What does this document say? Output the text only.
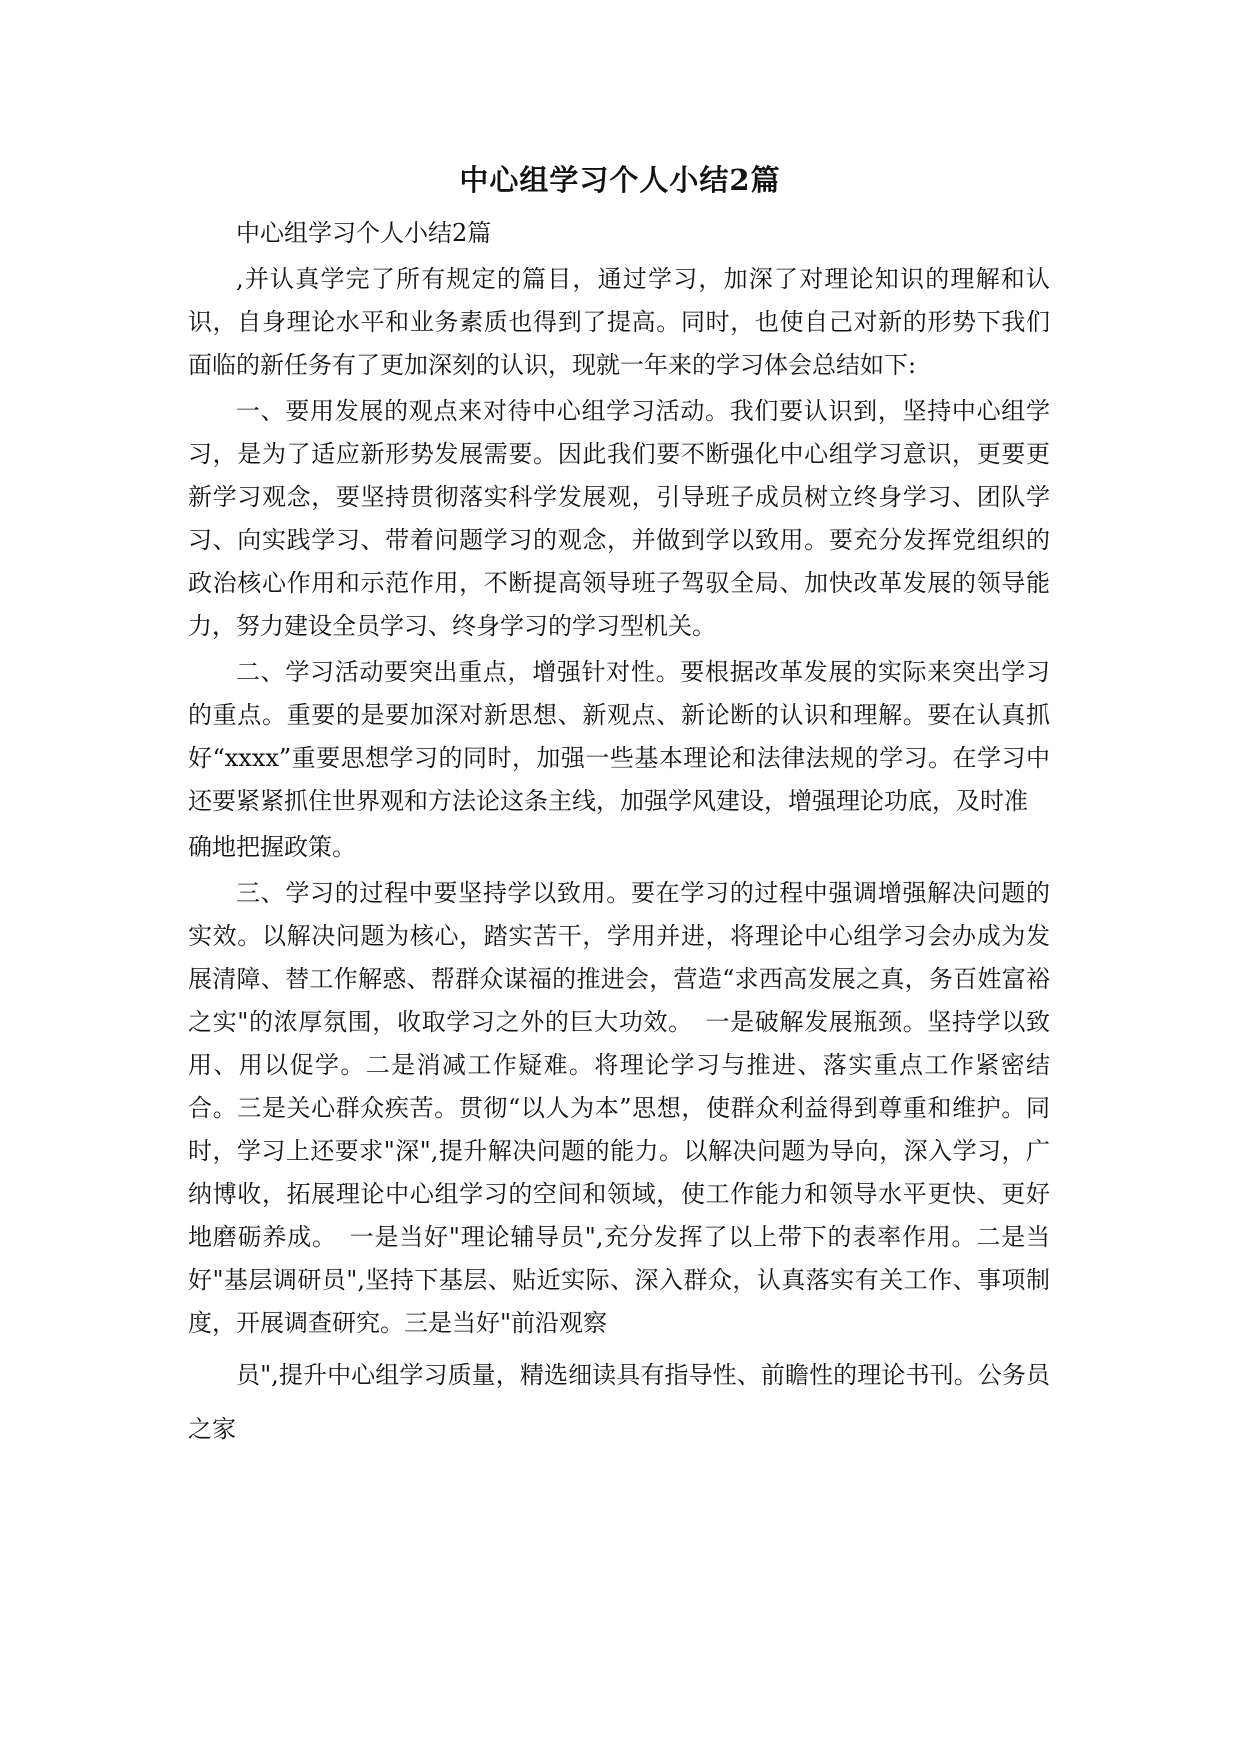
中心组学习个人小结2篇

中心组学习个人小结2篇

,并认真学完了所有规定的篇目，通过学习，加深了对理论知识的理解和认识，自身理论水平和业务素质也得到了提高。同时，也使自己对新的形势下我们面临的新任务有了更加深刻的认识，现就一年来的学习体会总结如下:

一、要用发展的观点来对待中心组学习活动。我们要认识到，坚持中心组学习，是为了适应新形势发展需要。因此我们要不断强化中心组学习意识，更要更新学习观念，要坚持贯彻落实科学发展观，引导班子成员树立终身学习、团队学习、向实践学习、带着问题学习的观念，并做到学以致用。要充分发挥党组织的政治核心作用和示范作用，不断提高领导班子驾驭全局、加快改革发展的领导能力，努力建设全员学习、终身学习的学习型机关。

二、学习活动要突出重点，增强针对性。要根据改革发展的实际来突出学习的重点。重要的是要加深对新思想、新观点、新论断的认识和理解。要在认真抓好“xxxx”重要思想学习的同时，加强一些基本理论和法律法规的学习。在学习中 还要紧紧抓住世界观和方法论这条主线，加强学风建设，增强理论功底，及时准

确地把握政策。

三、学习的过程中要坚持学以致用。要在学习的过程中强调增强解决问题的实效。以解决问题为核心，踏实苦干，学用并进，将理论中心组学习会办成为发展清障、替工作解惑、帮群众谋福的推进会，营造“求西高发展之真，务百姓富裕之实"的浓厚氛围，收取学习之外的巨大功效。　一是破解发展瓶颈。坚持学以致用、用以促学。二是消减工作疑难。将理论学习与推进、落实重点工作紧密结合。三是关心群众疾苦。贯彻“以人为本”思想，使群众利益得到尊重和维护。同时，学习上还要求"深",提升解决问题的能力。以解决问题为导向，深入学习，广纳博收，拓展理论中心组学习的空间和领域，使工作能力和领导水平更快、更好地磨砺养成。　一是当好"理论辅导员",充分发挥了以上带下的表率作用。二是当好"基层调研员",坚持下基层、贴近实际、深入群众，认真落实有关工作、事项制度，开展调查研究。三是当好"前沿观察

员",提升中心组学习质量，精选细读具有指导性、前瞻性的理论书刊。公务员之家
